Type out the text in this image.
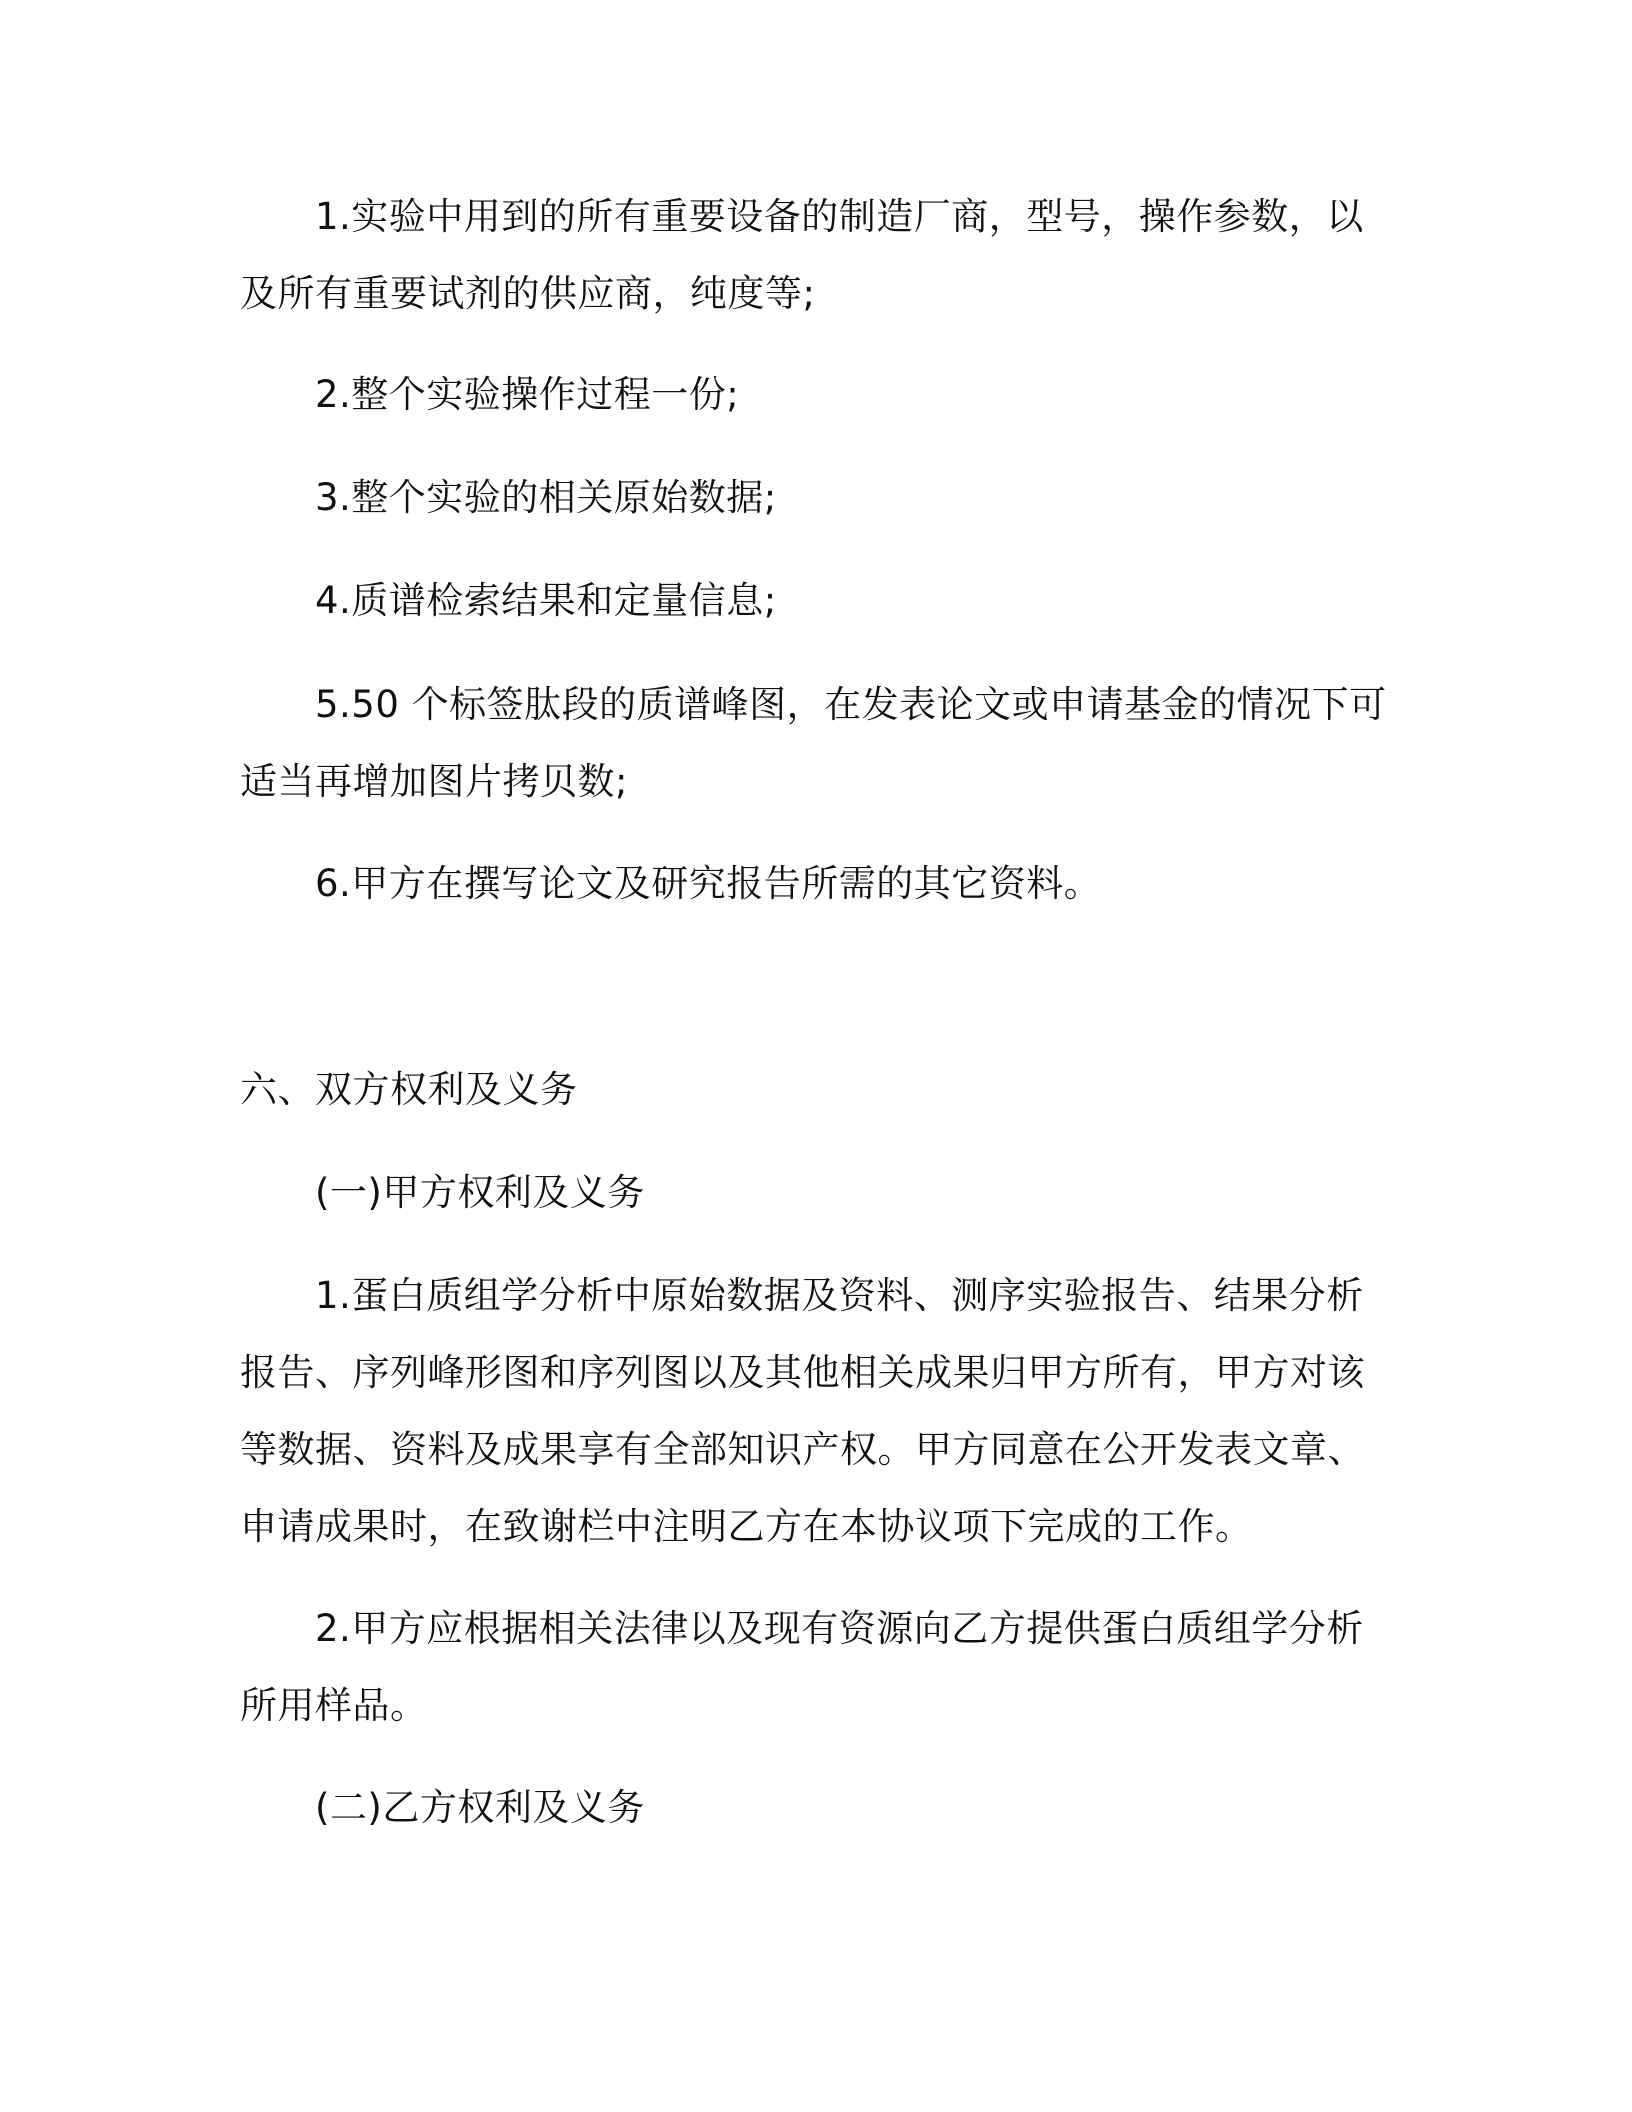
1.实验中用到的所有重要设备的制造厂商，型号，操作参数，以
及所有重要试剂的供应商，纯度等;
2.整个实验操作过程一份;
3.整个实验的相关原始数据;
4.质谱检索结果和定量信息;
5.50 个标签肽段的质谱峰图，在发表论文或申请基金的情况下可
适当再增加图片拷贝数;
6.甲方在撰写论文及研究报告所需的其它资料。
六、双方权利及义务
(一)甲方权利及义务
1.蛋白质组学分析中原始数据及资料、测序实验报告、结果分析
报告、序列峰形图和序列图以及其他相关成果归甲方所有，甲方对该
等数据、资料及成果享有全部知识产权。甲方同意在公开发表文章、
申请成果时，在致谢栏中注明乙方在本协议项下完成的工作。
2.甲方应根据相关法律以及现有资源向乙方提供蛋白质组学分析
所用样品。
(二)乙方权利及义务
